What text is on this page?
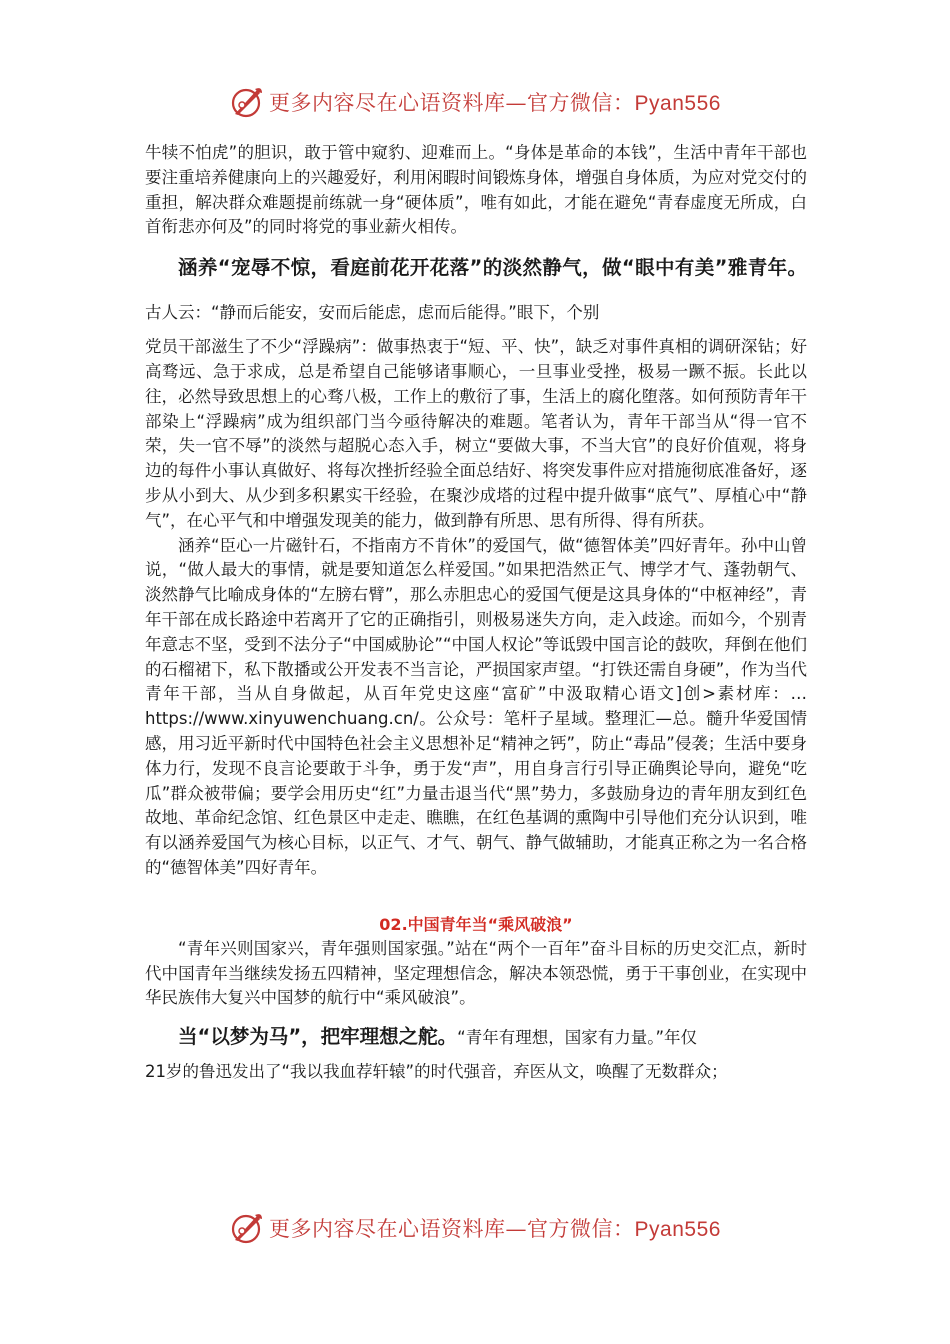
更多内容尽在心语资料库—官方微信：Pyan556

牛犊不怕虎”的胆识，敢于管中窥豹、迎难而上。“身体是革命的本钱”，生活中青年干部也要注重培养健康向上的兴趣爱好，利用闲暇时间锻炼身体，增强自身体质，为应对党交付的重担，解决群众难题提前练就一身“硬体质”，唯有如此，才能在避免“青春虚度无所成，白首衔悲亦何及”的同时将党的事业薪火相传。

涵养“宠辱不惊，看庭前花开花落”的淡然静气，做“眼中有美”雅青年。古人云：“静而后能安，安而后能虑，虑而后能得。”眼下，个别

党员干部滋生了不少“浮躁病”：做事热衷于“短、平、快”，缺乏对事件真相的调研深钻；好高骛远、急于求成，总是希望自己能够诸事顺心，一旦事业受挫，极易一蹶不振。长此以往，必然导致思想上的心骛八极，工作上的敷衍了事，生活上的腐化堕落。如何预防青年干部染上“浮躁病”成为组织部门当今亟待解决的难题。笔者认为，青年干部当从“得一官不荣，失一官不辱”的淡然与超脱心态入手，树立“要做大事，不当大官”的良好价值观，将身边的每件小事认真做好、将每次挫折经验全面总结好、将突发事件应对措施彻底准备好，逐步从小到大、从少到多积累实干经验，在聚沙成塔的过程中提升做事“底气”、厚植心中“静气”，在心平气和中增强发现美的能力，做到静有所思、思有所得、得有所获。

涵养“臣心一片磁针石，不指南方不肯休”的爱国气，做“德智体美”四好青年。孙中山曾说，“做人最大的事情，就是要知道怎么样爱国。”如果把浩然正气、博学才气、蓬勃朝气、淡然静气比喻成身体的“左膀右臂”，那么赤胆忠心的爱国气便是这具身体的“中枢神经”，青年干部在成长路途中若离开了它的正确指引，则极易迷失方向，走入歧途。而如今，个别青年意志不坚，受到不法分子“中国威胁论”“中国人权论”等诋毁中国言论的鼓吹，拜倒在他们的石榴裙下，私下散播或公开发表不当言论，严损国家声望。“打铁还需自身硬”，作为当代青年干部，当从自身做起，从百年党史这座“富矿”中汲取精心语文]创>素材库：…https://www.xinyuwenchuang.cn/。公众号：笔杆子星域。整理汇—总。髓升华爱国情感，用习近平新时代中国特色社会主义思想补足“精神之钙”，防止“毒品”侵袭；生活中要身体力行，发现不良言论要敢于斗争，勇于发“声”，用自身言行引导正确舆论导向，避免“吃瓜”群众被带偏；要学会用历史“红”力量击退当代“黑”势力，多鼓励身边的青年朋友到红色故地、革命纪念馆、红色景区中走走、瞧瞧，在红色基调的熏陶中引导他们充分认识到，唯有以涵养爱国气为核心目标，以正气、才气、朝气、静气做辅助，才能真正称之为一名合格的“德智体美”四好青年。

02.中国青年当“乘风破浪”

“青年兴则国家兴，青年强则国家强。”站在“两个一百年”奋斗目标的历史交汇点，新时代中国青年当继续发扬五四精神，坚定理想信念，解决本领恐慌，勇于干事创业，在实现中华民族伟大复兴中国梦的航行中“乘风破浪”。

当“以梦为马”，把牢理想之舵。“青年有理想，国家有力量。”年仅

21岁的鲁迅发出了“我以我血荐轩辕”的时代强音，弃医从文，唤醒了无数群众；

更多内容尽在心语资料库—官方微信：Pyan556
